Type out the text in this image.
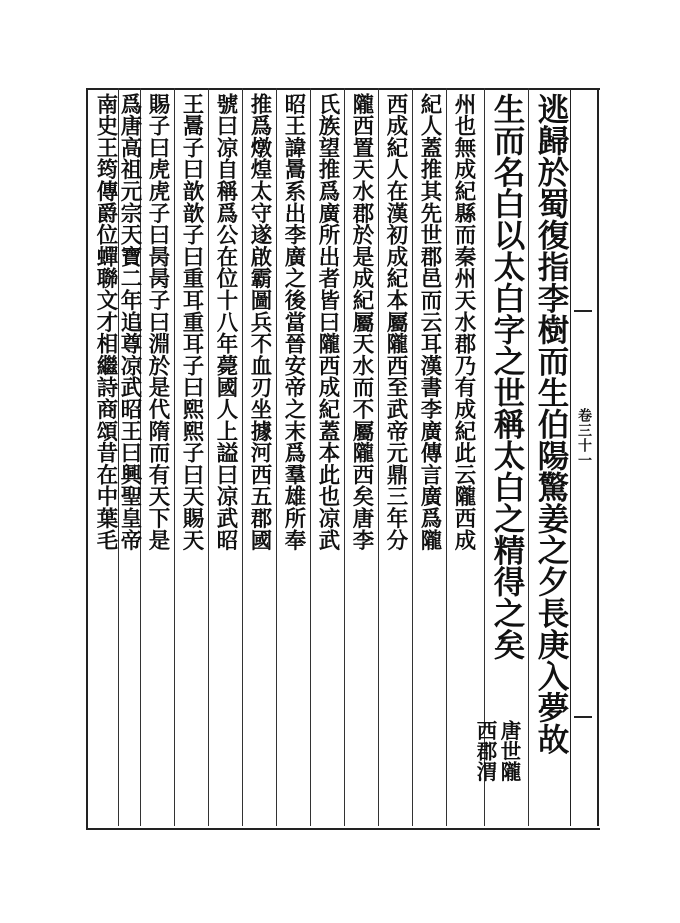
卷三十一
逃歸於蜀復指李樹而生伯陽驚姜之夕長庚入夢故
生而名白以太白字之世稱太白之精得之矣
唐世隴
西郡渭
州也無成紀縣而秦州天水郡乃有成紀此云隴西成
紀人蓋推其先世郡邑而云耳漢書李廣傳言廣爲隴
西成紀人在漢初成紀本屬隴西至武帝元鼎三年分
隴西置天水郡於是成紀屬天水而不屬隴西矣唐李
氏族望推爲廣所出者皆曰隴西成紀蓋本此也凉武
昭王諱暠系出李廣之後當晉安帝之末爲羣雄所奉
推爲燉煌太守遂啟霸圖兵不血刃坐據河西五郡國
號曰凉自稱爲公在位十八年薨國人上謚曰凉武昭
王暠子曰歆歆子曰重耳重耳子曰熙熙子曰天賜天
賜子曰虎虎子曰昺昺子曰淵於是代隋而有天下是
爲唐高祖元宗天寶二年追尊凉武昭王曰興聖皇帝
南史王筠傳爵位蟬聯文才相繼詩商頌昔在中葉毛
